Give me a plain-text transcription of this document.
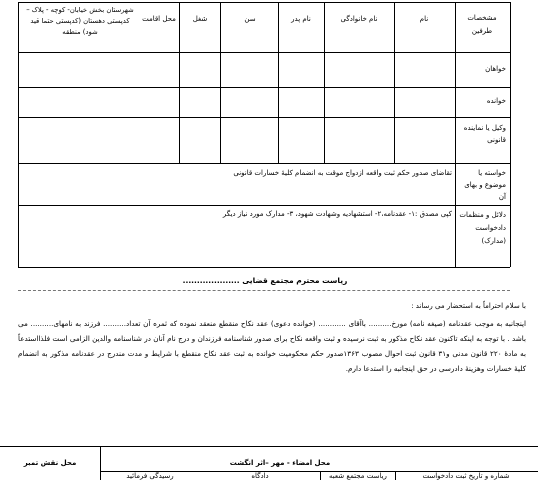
مشخصات طرفین
نام
نام خانوادگی
نام پدر
سن
شغل
محل اقامت
شهرستان بخش خیابان- کوچه - پلاک – کدپستی دهستان (کدپستی حتما قید شود) منطقه
خواهان
خوانده
وکیل یا نماینده قانونی
خواسته یا موضوع و بهای آن
دلائل و منظمات دادخواست (مدارک)
تقاضای صدور حکم ثبت واقعه ازدواج موقت به انضمام کلیهٔ خسارات قانونی
کپی مصدق :۱- عقدنامه،۲- استشهادیه وشهادت شهود، ۳- مدارک مورد نیاز دیگر
ریاست محترم مجتمع قضایی ....................
با سلام احتراماً به استحضار می رساند :
اینجانبه به موجب عقدنامه (صیغه نامه) مورخ.......... باآقای ............ (خوانده دعوی) عقد نکاح منقطع منعقد نموده که ثمره آن تعداد.......... فرزند به نامهای.......... می باشد . با توجه به اینکه تاکنون عقد نکاح مذکور به ثبت نرسیده و ثبت واقعه نکاح برای صدور شناسنامه فرزندان و درج نام آنان در شناسنامه والدین الزامی است فلذااستدعاً به مادهٔ ۲۲۰ قانون مدنی و۳۱ قانون ثبت احوال مصوب ۱۳۶۳صدور حکم محکومیت خوانده به ثبت عقد نکاح منقطع با شرایط و مدت مندرج در عقدنامه مذکور به انضمام کلیهٔ خسارات وهزینهٔ دادرسی در حق اینجانبه را استدعا دارم.
محل نقش تمبر	محل امضاء - مهر –اثر انگشت
شماره و تاریخ ثبت دادخواست
ریاست مجتمع شعبه
دادگاه
رسیدگی فرمائید
